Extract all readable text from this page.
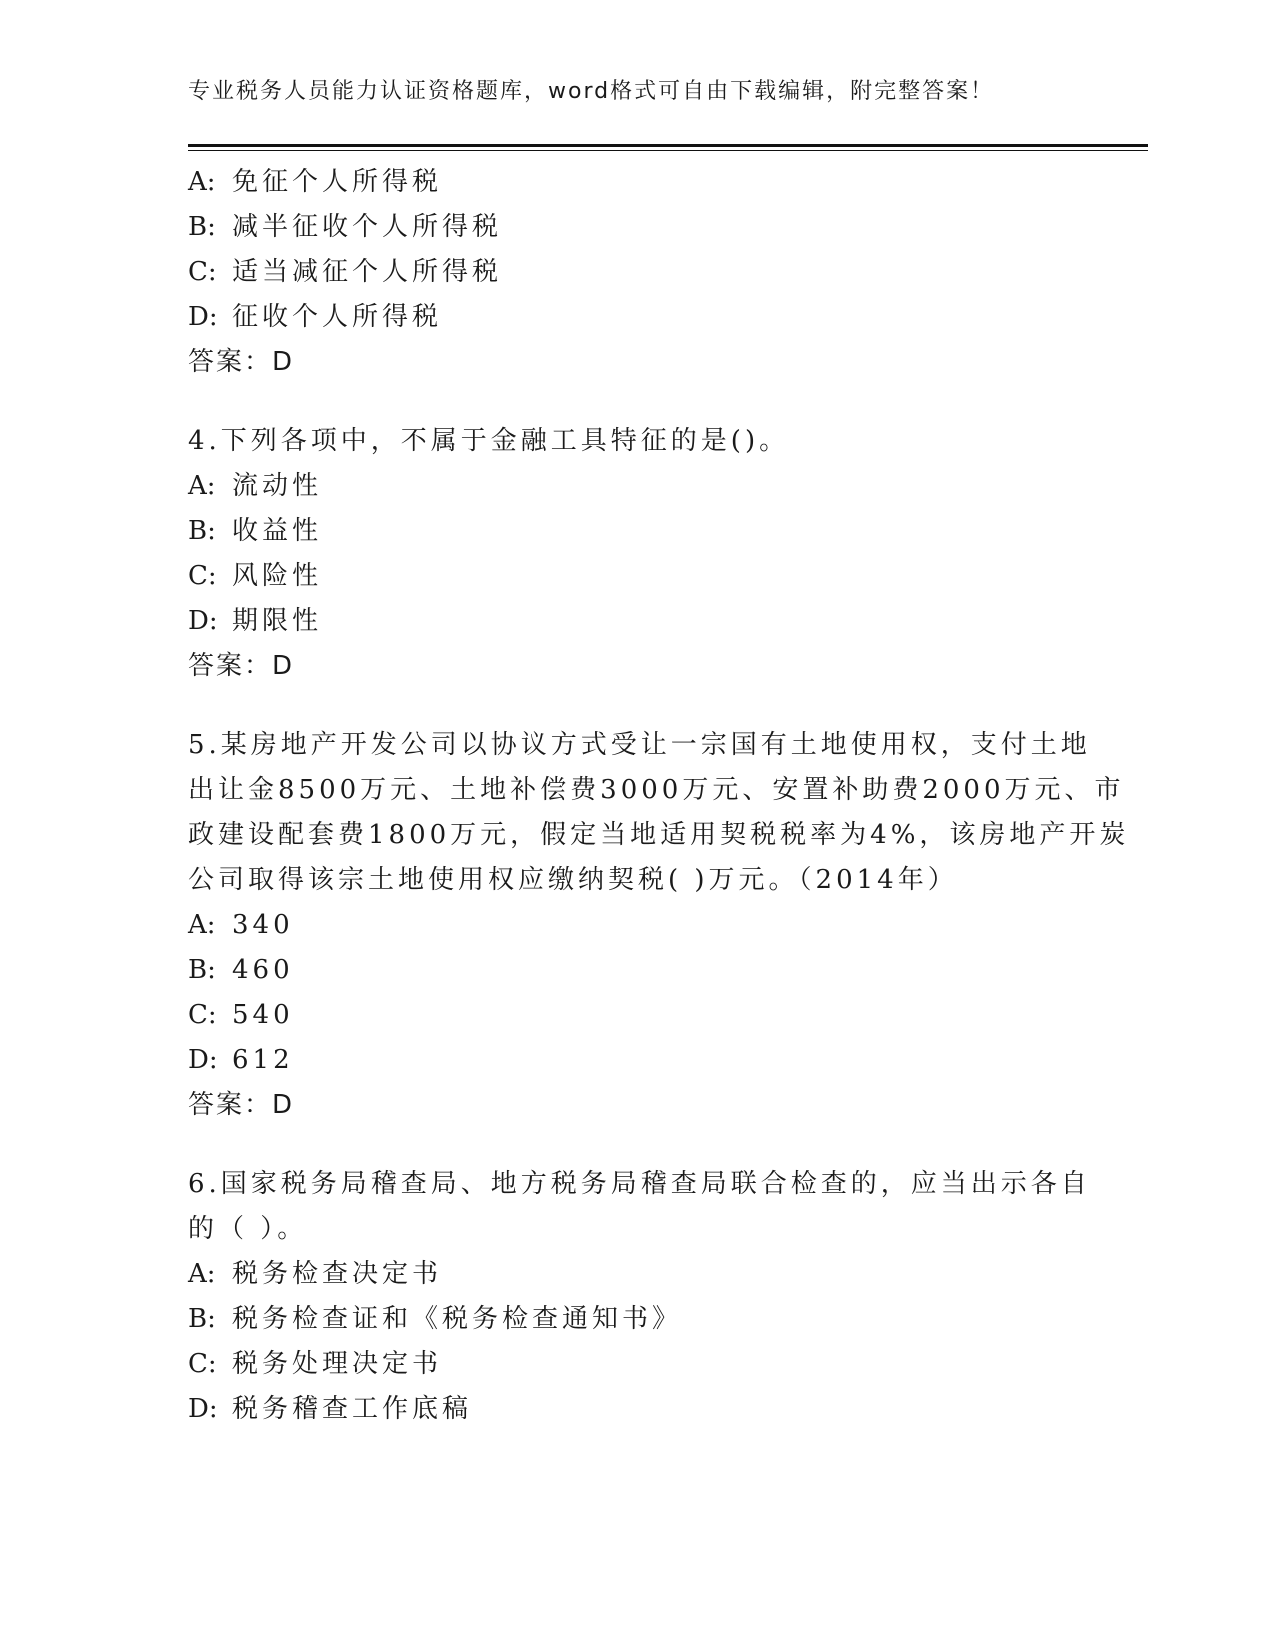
专业税务人员能力认证资格题库，word格式可自由下载编辑，附完整答案！
A: 免征个人所得税
B: 减半征收个人所得税
C: 适当减征个人所得税
D: 征收个人所得税
答案：D
4.下列各项中，不属于金融工具特征的是()。
A: 流动性
B: 收益性
C: 风险性
D: 期限性
答案：D
5.某房地产开发公司以协议方式受让一宗国有土地使用权，支付土地
出让金8500万元、土地补偿费3000万元、安置补助费2000万元、市
政建设配套费1800万元，假定当地适用契税税率为4%，该房地产开炭
公司取得该宗土地使用权应缴纳契税( )万元。（2014年）
A: 340
B: 460
C: 540
D: 612
答案：D
6.国家税务局稽查局、地方税务局稽查局联合检查的，应当出示各自
的（ ）。
A: 税务检查决定书
B: 税务检查证和《税务检查通知书》
C: 税务处理决定书
D: 税务稽查工作底稿
